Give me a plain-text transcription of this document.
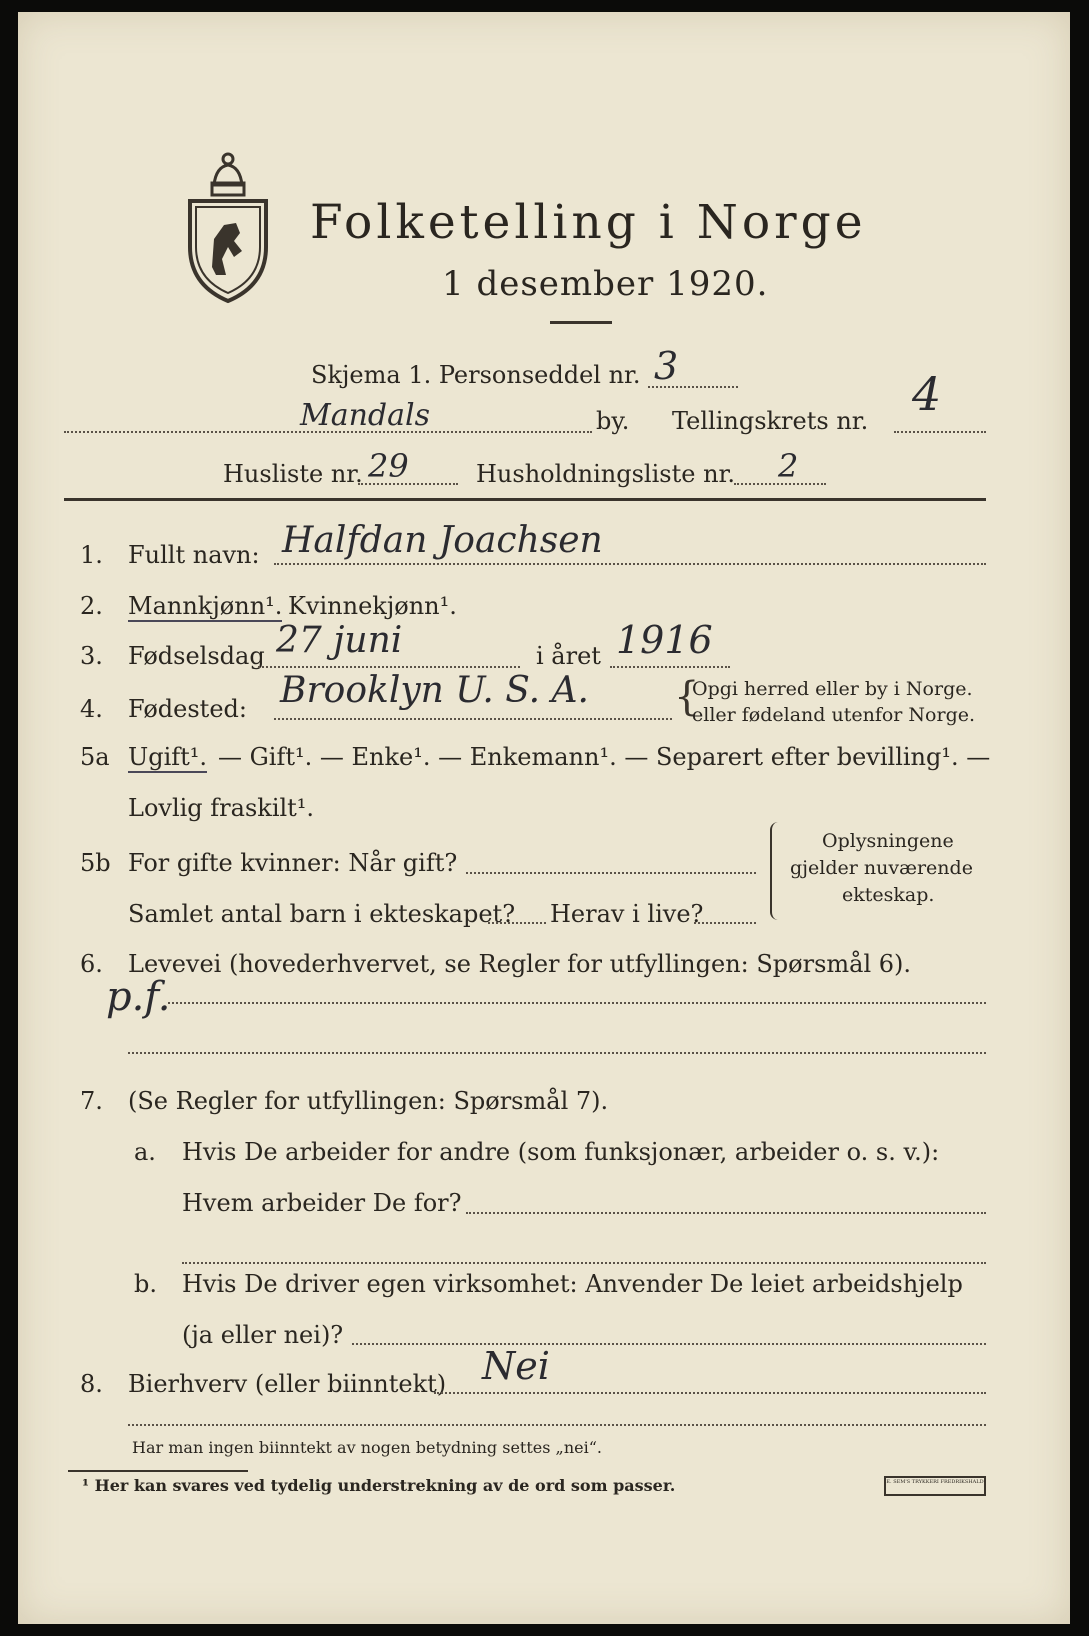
Folketelling i Norge
1 desember 1920.
Skjema 1. Personseddel nr. 3
Mandals	by. Tellingskrets nr. 4
Husliste nr. 29	Husholdningsliste nr. 2
1. Fullt navn: Halfdan Joachsen
2. Mannkjønn¹. Kvinnekjønn¹.
3. Fødselsdag 27 juni	i året 1916
4. Fødested: Brooklyn U. S. A. {
Opgi herred eller by i Norge.
eller fødeland utenfor Norge.
5a Ugift¹. — Gift¹. — Enke¹. — Enkemann¹. — Separert efter bevilling¹. —
Lovlig fraskilt¹.
5b For gifte kvinner: Når gift?
Samlet antal barn i ekteskapet? Herav i live?
Oplysningene
gjelder nuværende
ekteskap.
6. Levevei (hovederhvervet, se Regler for utfyllingen: Spørsmål 6).
p.f.
7. (Se Regler for utfyllingen: Spørsmål 7).
a. Hvis De arbeider for andre (som funksjonær, arbeider o. s. v.):
Hvem arbeider De for?
b. Hvis De driver egen virksomhet: Anvender De leiet arbeidshjelp
(ja eller nei)?
8. Bierhverv (eller biinntekt) Nei
Har man ingen biinntekt av nogen betydning settes „nei“.
¹ Her kan svares ved tydelig understrekning av de ord som passer.	E. SEM'S TRYKKERI FREDRIKSHALD
